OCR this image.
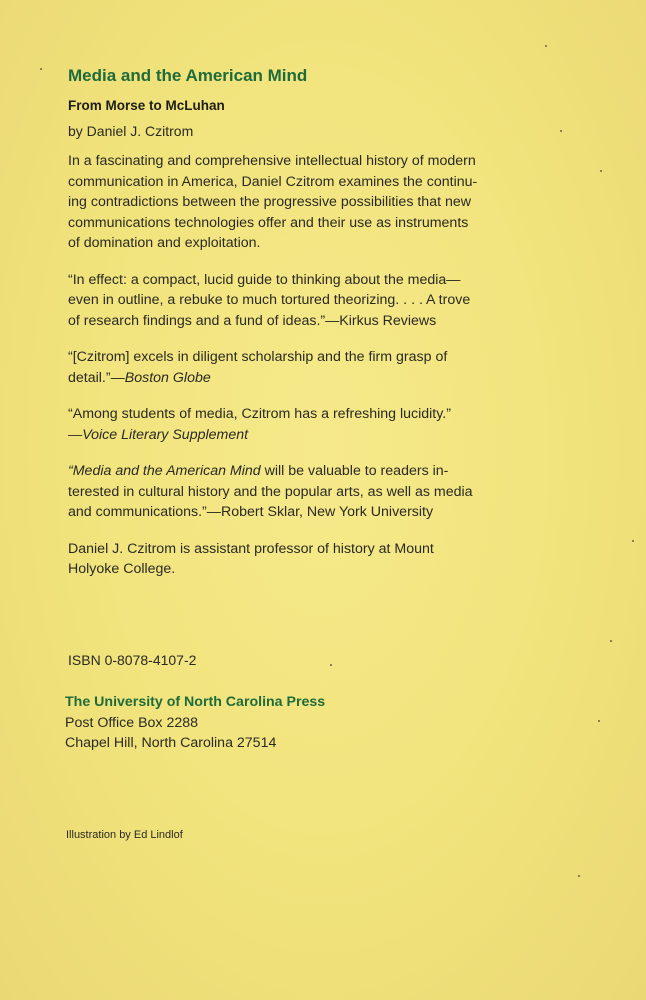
Media and the American Mind
From Morse to McLuhan
by Daniel J. Czitrom

In a fascinating and comprehensive intellectual history of modern
communication in America, Daniel Czitrom examines the continu-
ing contradictions between the progressive possibilities that new
communications technologies offer and their use as instruments
of domination and exploitation.

“In effect: a compact, lucid guide to thinking about the media—
even in outline, a rebuke to much tortured theorizing. . . . A trove
of research findings and a fund of ideas.”—Kirkus Reviews

“[Czitrom] excels in diligent scholarship and the firm grasp of
detail.”—Boston Globe

“Among students of media, Czitrom has a refreshing lucidity.”
—Voice Literary Supplement

“Media and the American Mind will be valuable to readers in-
terested in cultural history and the popular arts, as well as media
and communications.”—Robert Sklar, New York University

Daniel J. Czitrom is assistant professor of history at Mount
Holyoke College.

ISBN 0-8078-4107-2
The University of North Carolina Press
Post Office Box 2288
Chapel Hill, North Carolina 27514
Illustration by Ed Lindlof
